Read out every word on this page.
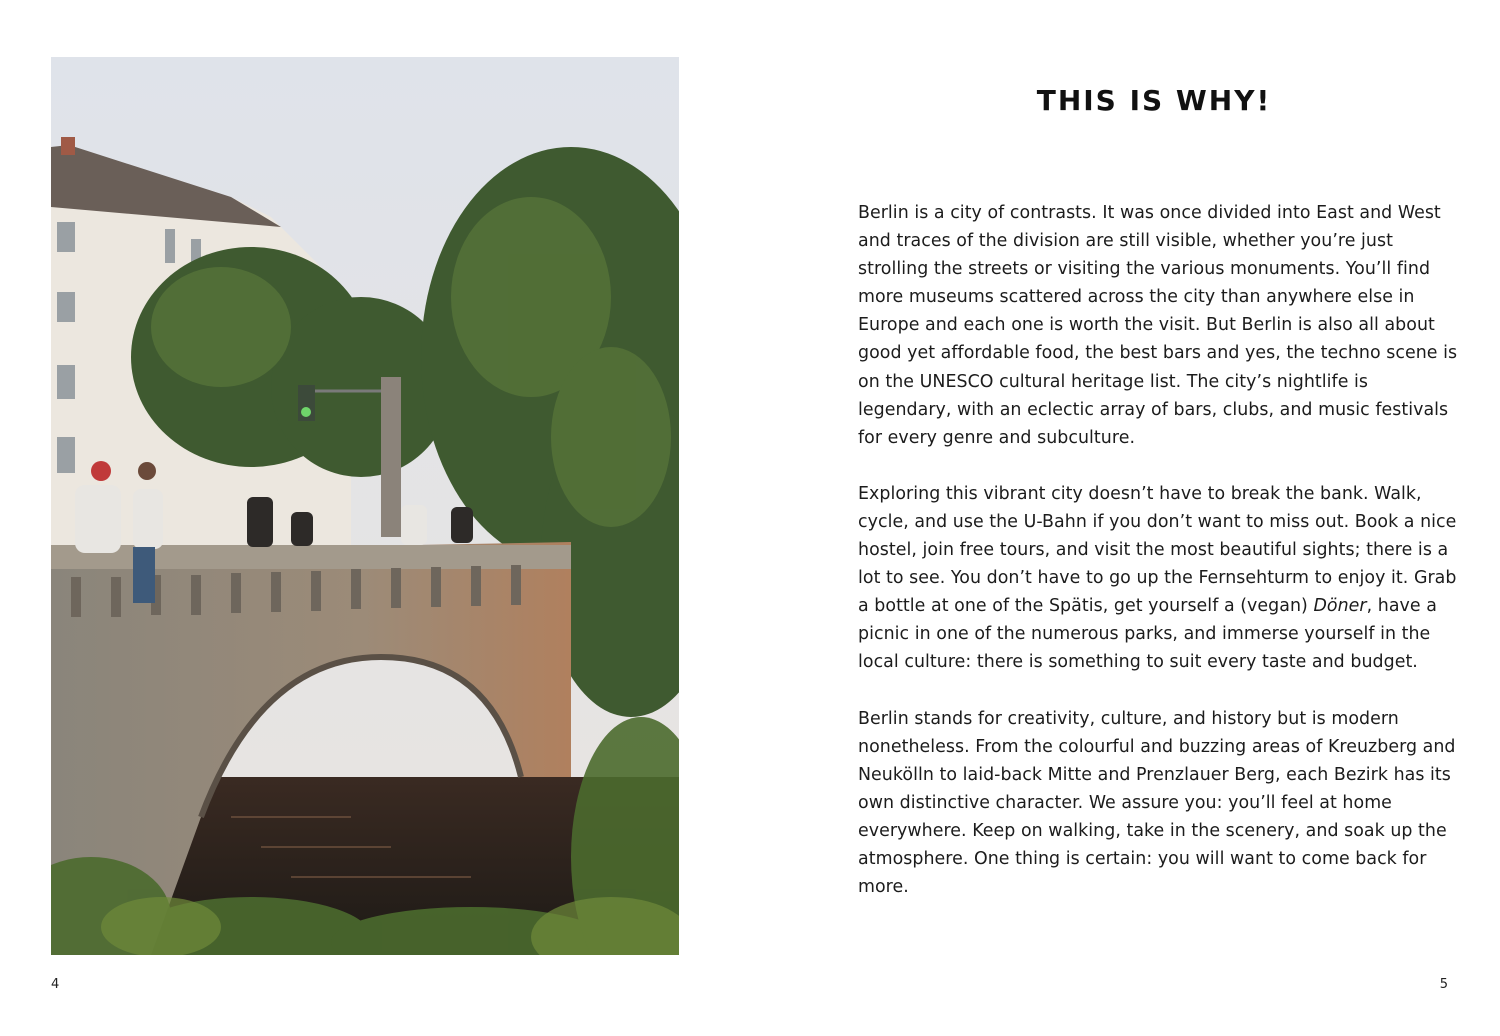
THIS IS WHY!

Berlin is a city of contrasts. It was once divided into East and West and traces of the division are still visible, whether you’re just strolling the streets or visiting the various monuments. You’ll find more museums scattered across the city than anywhere else in Europe and each one is worth the visit. But Berlin is also all about good yet affordable food, the best bars and yes, the techno scene is on the UNESCO cultural heritage list. The city’s nightlife is legendary, with an eclectic array of bars, clubs, and music festivals for every genre and subculture.

Exploring this vibrant city doesn’t have to break the bank. Walk, cycle, and use the U-Bahn if you don’t want to miss out. Book a nice hostel, join free tours, and visit the most beautiful sights; there is a lot to see. You don’t have to go up the Fernsehturm to enjoy it. Grab a bottle at one of the Spätis, get yourself a (vegan) Döner, have a picnic in one of the numerous parks, and immerse yourself in the local culture: there is something to suit every taste and budget.

Berlin stands for creativity, culture, and history but is modern nonetheless. From the colourful and buzzing areas of Kreuzberg and Neukölln to laid-back Mitte and Prenzlauer Berg, each Bezirk has its own distinctive character. We assure you: you’ll feel at home everywhere. Keep on walking, take in the scenery, and soak up the atmosphere. One thing is certain: you will want to come back for more.

4	5
